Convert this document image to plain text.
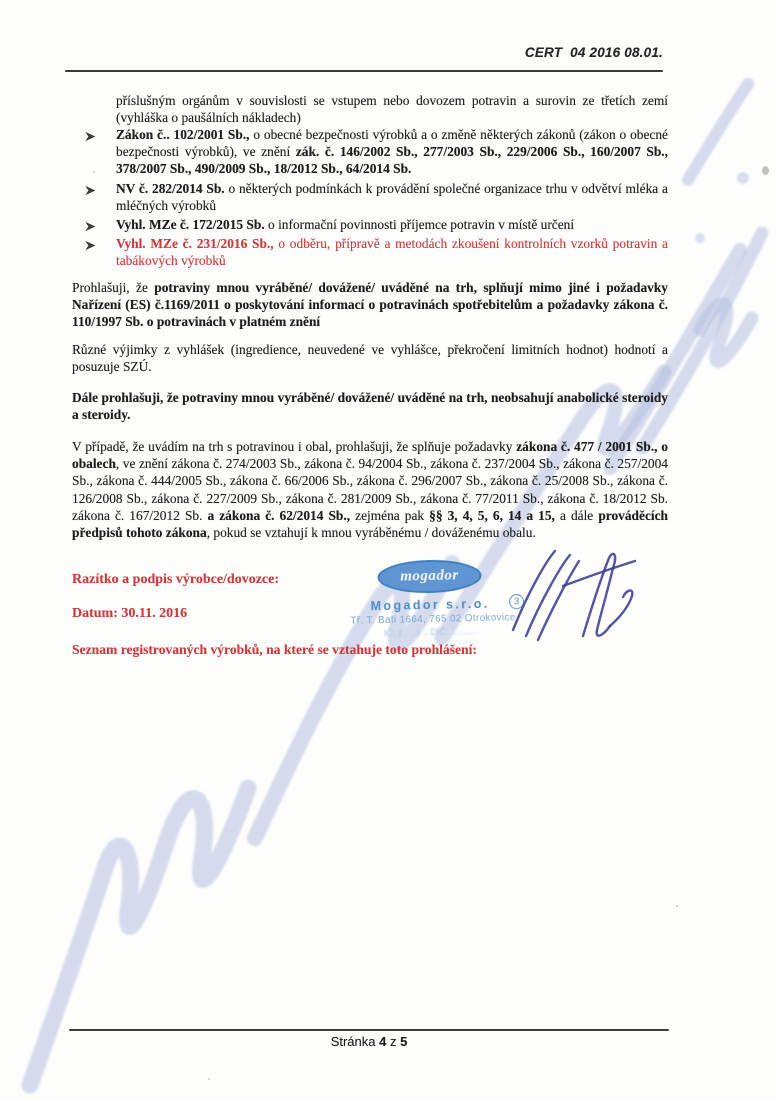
CERT  04 2016 08.01.
příslušným orgánům v souvislosti se vstupem nebo dovozem potravin a surovin ze třetích zemí (vyhláška o paušálních nákladech)
Zákon č.. 102/2001 Sb., o obecné bezpečnosti výrobků a o změně některých zákonů (zákon o obecné bezpečnosti výrobků), ve znění zák. č. 146/2002 Sb., 277/2003 Sb., 229/2006 Sb., 160/2007 Sb., 378/2007 Sb., 490/2009 Sb., 18/2012 Sb., 64/2014 Sb.
NV č. 282/2014 Sb. o některých podmínkách k provádění společné organizace trhu v odvětví mléka a mléčných výrobků
Vyhl. MZe č. 172/2015 Sb. o informační povinnosti příjemce potravin v místě určení
Vyhl. MZe č. 231/2016 Sb., o odběru, přípravě a metodách zkoušení kontrolních vzorků potravin a tabákových výrobků
Prohlašuji, že potraviny mnou vyráběné/ dovážené/ uváděné na trh, splňují mimo jiné i požadavky Nařízení (ES) č.1169/2011 o poskytování informací o potravinách spotřebitelům a požadavky zákona č. 110/1997 Sb. o potravinách v platném znění
Různé výjimky z vyhlášek (ingredience, neuvedené ve vyhlášce, překročení limitních hodnot) hodnotí a posuzuje SZÚ.
Dále prohlašuji, že potraviny mnou vyráběné/ dovážené/ uváděné na trh, neobsahují anabolické steroidy a steroidy.
V případě, že uvádím na trh s potravinou i obal, prohlašuji, že splňuje požadavky zákona č. 477 / 2001 Sb., o obalech, ve znění zákona č. 274/2003 Sb., zákona č. 94/2004 Sb., zákona č. 237/2004 Sb., zákona č. 257/2004 Sb., zákona č. 444/2005 Sb., zákona č. 66/2006 Sb., zákona č. 296/2007 Sb., zákona č. 25/2008 Sb., zákona č. 126/2008 Sb., zákona č. 227/2009 Sb., zákona č. 281/2009 Sb., zákona č. 77/2011 Sb., zákona č. 18/2012 Sb. zákona č. 167/2012 Sb. a zákona č. 62/2014 Sb., zejména pak §§ 3, 4, 5, 6, 14 a 15, a dále prováděcích předpisů tohoto zákona, pokud se vztahují k mnou vyráběnému / dováženému obalu.
Razítko a podpis výrobce/dovozce:
Datum: 30.11. 2016
mogador
Mogador s.r.o.	3
Tř. T. Bati 1664, 765 02 Otrokovice
IČ: ƒ.. ..± .. DIČ: .‥‥‥‥
Seznam registrovaných výrobků, na které se vztahuje toto prohlášení:
Stránka 4 z 5
